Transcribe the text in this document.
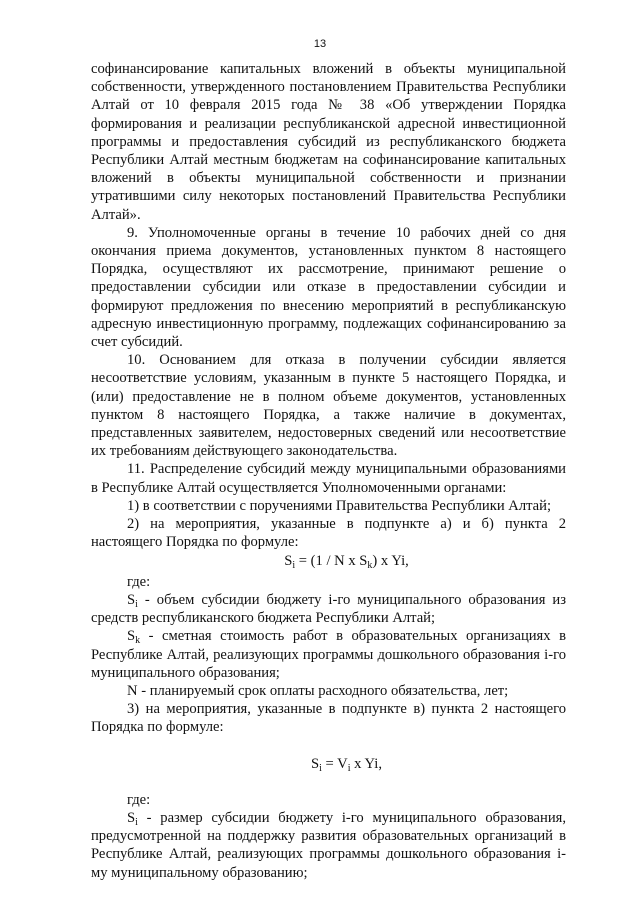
13

софинансирование капитальных вложений в объекты муниципальной собственности, утвержденного постановлением Правительства Республики Алтай от 10 февраля 2015 года № 38 «Об утверждении Порядка формирования и реализации республиканской адресной инвестиционной программы и предоставления субсидий из республиканского бюджета Республики Алтай местным бюджетам на софинансирование капитальных вложений в объекты муниципальной собственности и признании утратившими силу некоторых постановлений Правительства Республики Алтай».

9. Уполномоченные органы в течение 10 рабочих дней со дня окончания приема документов, установленных пунктом 8 настоящего Порядка, осуществляют их рассмотрение, принимают решение о предоставлении субсидии или отказе в предоставлении субсидии и формируют предложения по внесению мероприятий в республиканскую адресную инвестиционную программу, подлежащих софинансированию за счет субсидий.

10. Основанием для отказа в получении субсидии является несоответствие условиям, указанным в пункте 5 настоящего Порядка, и (или) предоставление не в полном объеме документов, установленных пунктом 8 настоящего Порядка, а также наличие в документах, представленных заявителем, недостоверных сведений или несоответствие их требованиям действующего законодательства.

11. Распределение субсидий между муниципальными образованиями в Республике Алтай осуществляется Уполномоченными органами:

1) в соответствии с поручениями Правительства Республики Алтай;

2) на мероприятия, указанные в подпункте а) и б) пункта 2 настоящего Порядка по формуле:

$S_i = (1 / N$ x $S_k$) x Yi,

где:

$S_i$ - объем субсидии бюджету i-го муниципального образования из средств республиканского бюджета Республики Алтай;

$S_k$ - сметная стоимость работ в образовательных организациях в Республике Алтай, реализующих программы дошкольного образования i-го муниципального образования;

N - планируемый срок оплаты расходного обязательства, лет;

3) на мероприятия, указанные в подпункте в) пункта 2 настоящего Порядка по формуле:

$S_i = V_i$ x Yi,

где:

$S_i$ - размер субсидии бюджету i-го муниципального образования, предусмотренной на поддержку развития образовательных организаций в Республике Алтай, реализующих программы дошкольного образования i-му муниципальному образованию;
